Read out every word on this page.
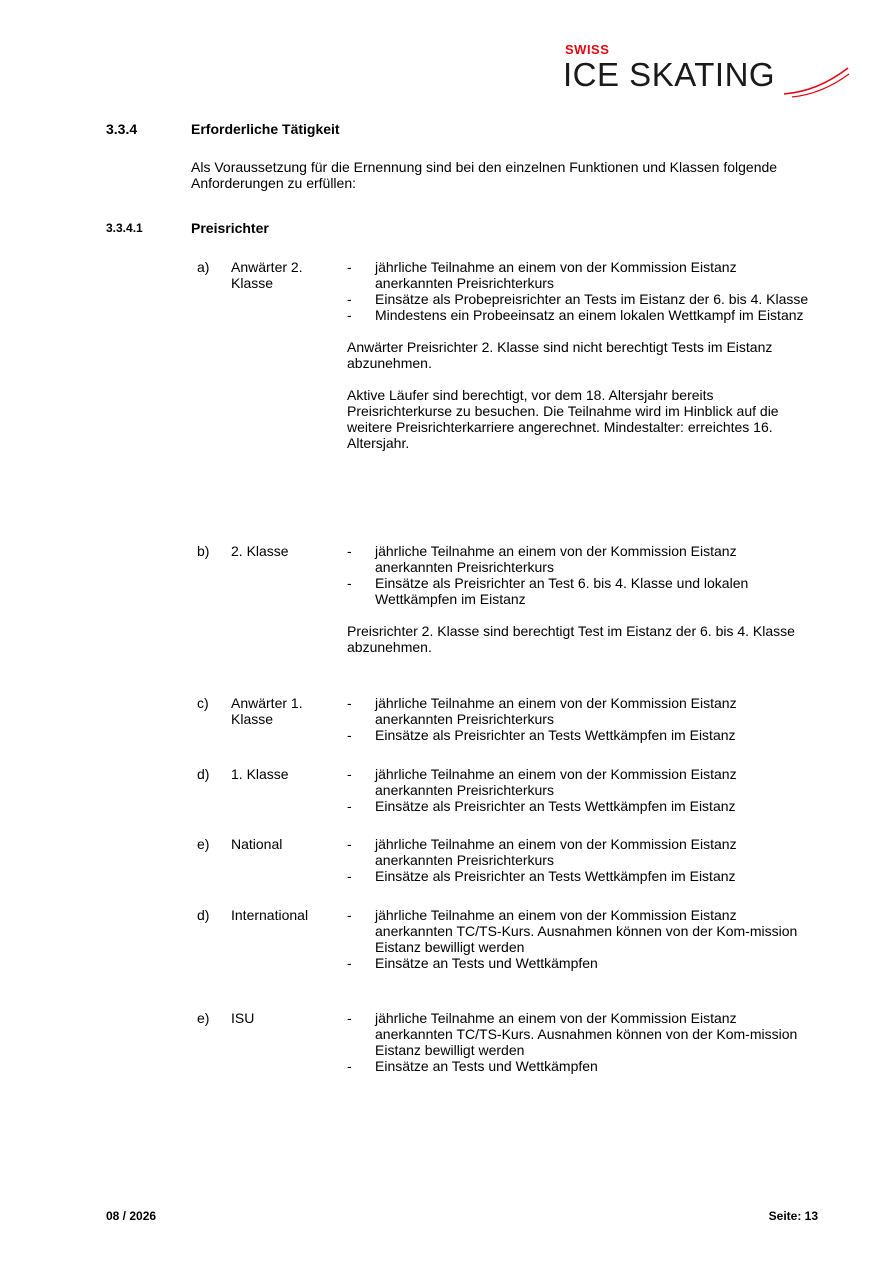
SWISS
ICE SKATING
3.3.4	Erforderliche Tätigkeit
Als Voraussetzung für die Ernennung sind bei den einzelnen Funktionen und Klassen folgende Anforderungen zu erfüllen:
3.3.4.1	Preisrichter
a) Anwärter 2. Klasse
- jährliche Teilnahme an einem von der Kommission Eistanz anerkannten Preisrichterkurs
- Einsätze als Probepreisrichter an Tests im Eistanz der 6. bis 4. Klasse
- Mindestens ein Probeeinsatz an einem lokalen Wettkampf im Eistanz
Anwärter Preisrichter 2. Klasse sind nicht berechtigt Tests im Eistanz abzunehmen.
Aktive Läufer sind berechtigt, vor dem 18. Altersjahr bereits Preisrichterkurse zu besuchen. Die Teilnahme wird im Hinblick auf die weitere Preisrichterkarriere angerechnet. Mindestalter: erreichtes 16. Altersjahr.
b) 2. Klasse	- jährliche Teilnahme an einem von der Kommission Eistanz anerkannten Preisrichterkurs
- Einsätze als Preisrichter an Test 6. bis 4. Klasse und lokalen Wettkämpfen im Eistanz
Preisrichter 2. Klasse sind berechtigt Test im Eistanz der 6. bis 4. Klasse abzunehmen.
c) Anwärter 1. Klasse
- jährliche Teilnahme an einem von der Kommission Eistanz anerkannten Preisrichterkurs
- Einsätze als Preisrichter an Tests Wettkämpfen im Eistanz
d) 1. Klasse	- jährliche Teilnahme an einem von der Kommission Eistanz anerkannten Preisrichterkurs
- Einsätze als Preisrichter an Tests Wettkämpfen im Eistanz
e) National	- jährliche Teilnahme an einem von der Kommission Eistanz anerkannten Preisrichterkurs
- Einsätze als Preisrichter an Tests Wettkämpfen im Eistanz
d) International	- jährliche Teilnahme an einem von der Kommission Eistanz anerkannten TC/TS-Kurs. Ausnahmen können von der Kom-mission Eistanz bewilligt werden
- Einsätze an Tests und Wettkämpfen
e) ISU	- jährliche Teilnahme an einem von der Kommission Eistanz anerkannten TC/TS-Kurs. Ausnahmen können von der Kom-mission Eistanz bewilligt werden
- Einsätze an Tests und Wettkämpfen
08 / 2026	Seite: 13
